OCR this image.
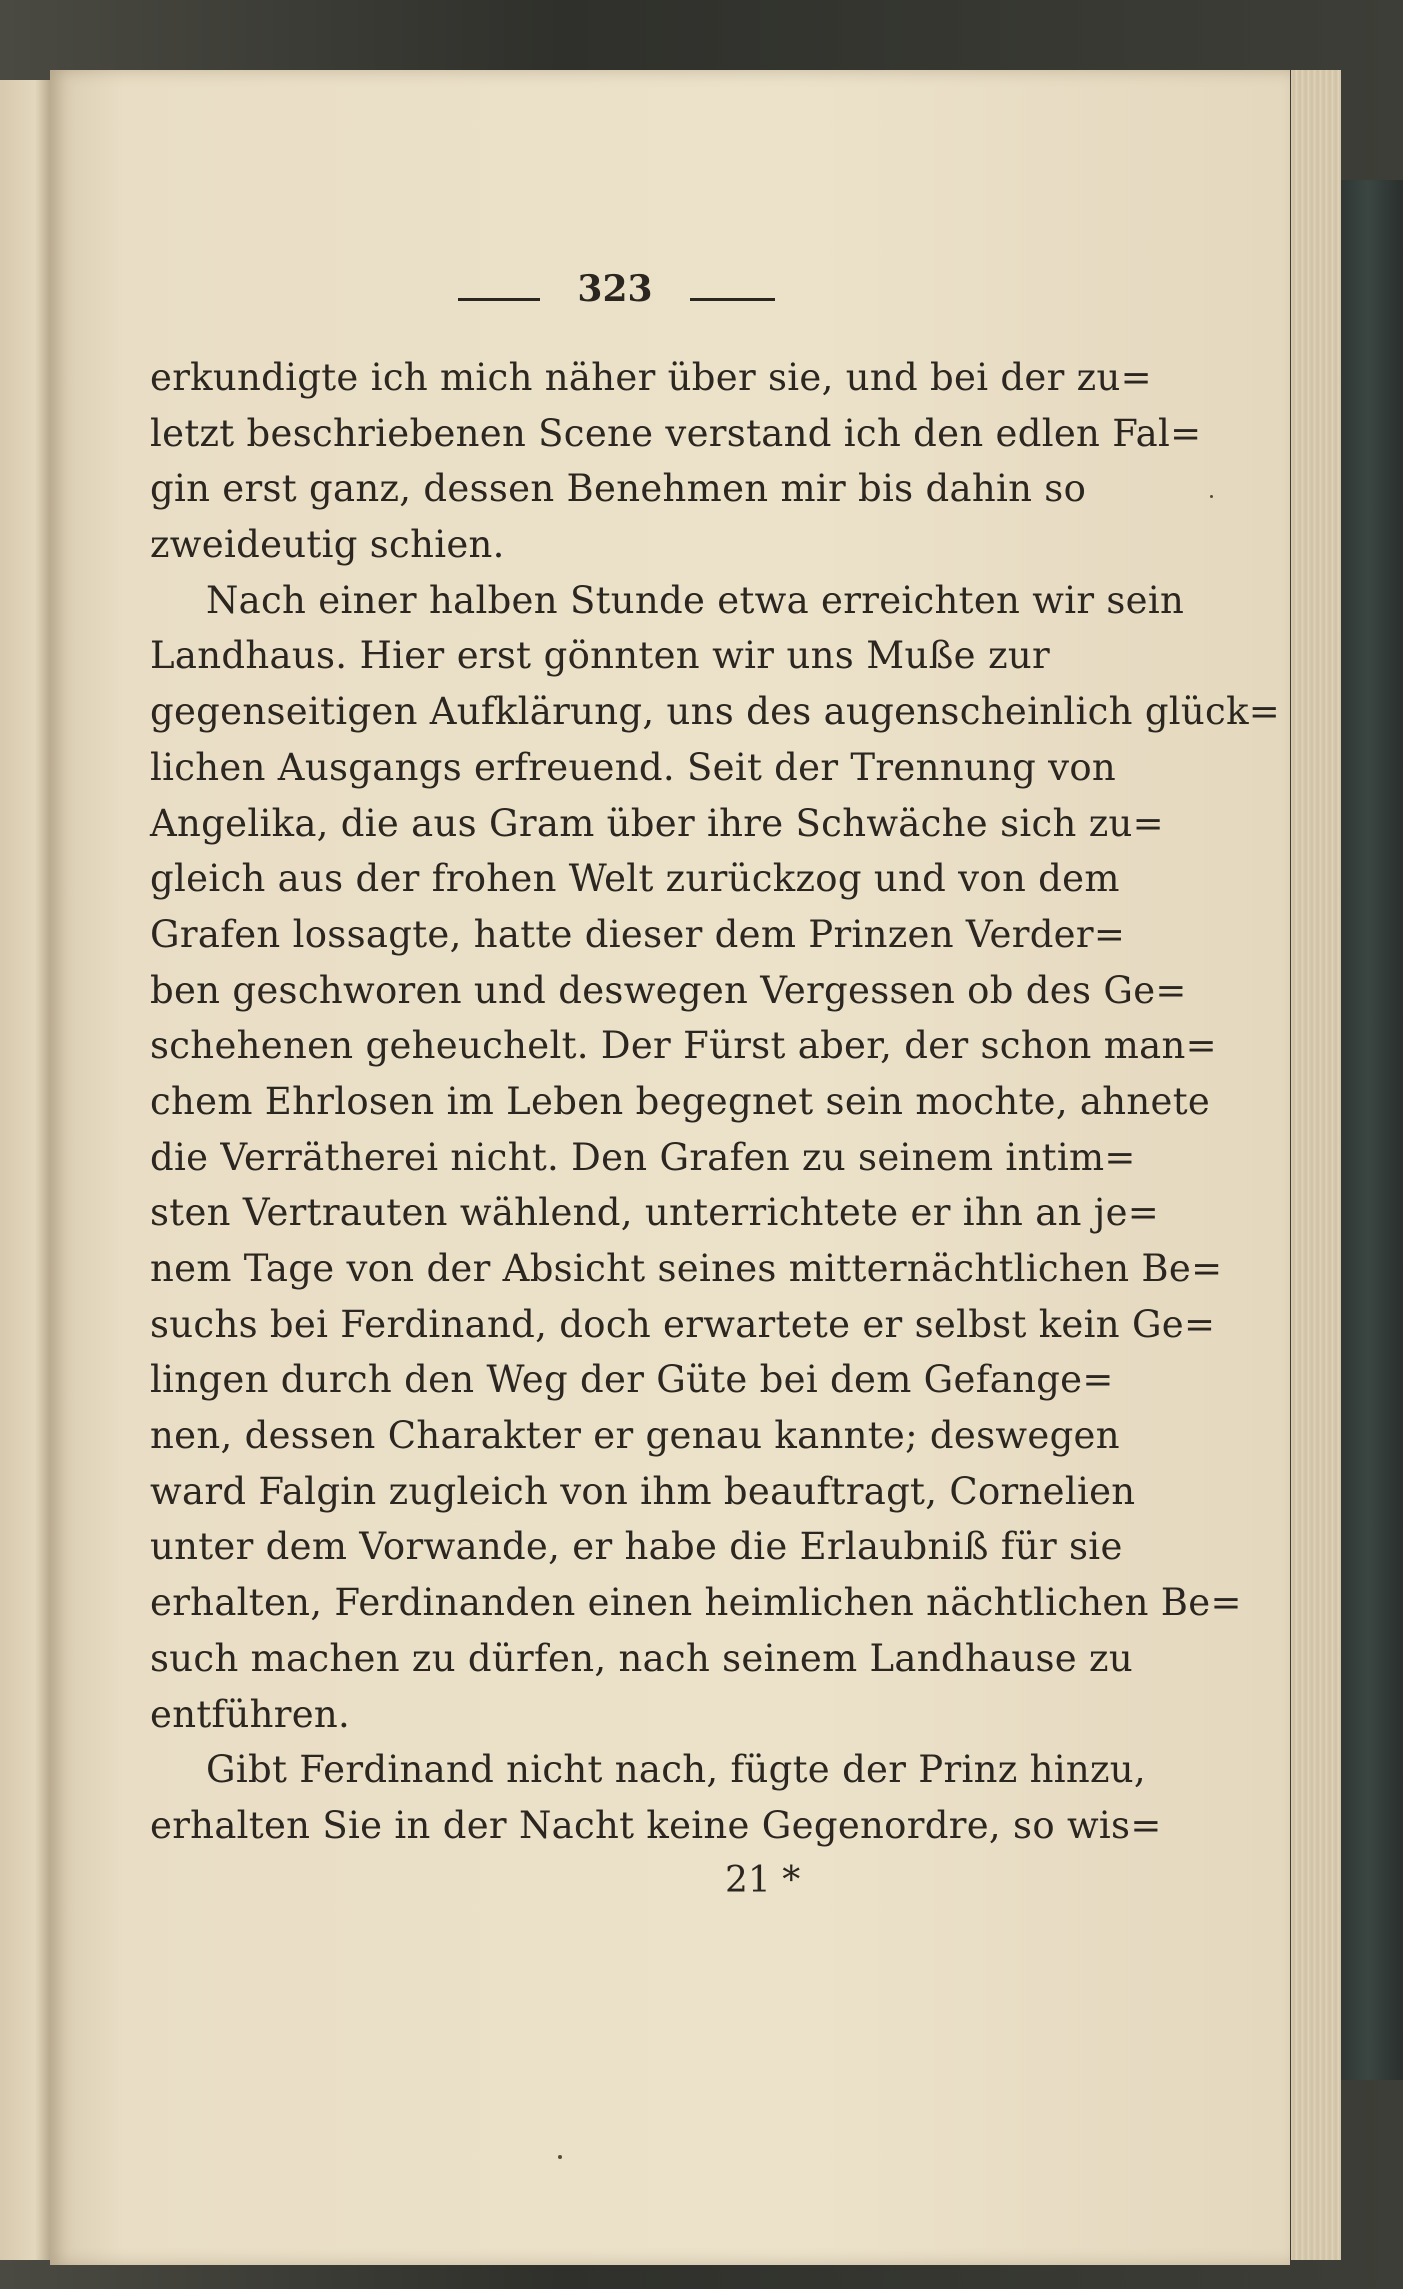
323
erkundigte ich mich näher über sie, und bei der zu=
letzt beschriebenen Scene verstand ich den edlen Fal=
gin erst ganz, dessen Benehmen mir bis dahin so
zweideutig schien.
Nach einer halben Stunde etwa erreichten wir sein
Landhaus. Hier erst gönnten wir uns Muße zur
gegenseitigen Aufklärung, uns des augenscheinlich glück=
lichen Ausgangs erfreuend. Seit der Trennung von
Angelika, die aus Gram über ihre Schwäche sich zu=
gleich aus der frohen Welt zurückzog und von dem
Grafen lossagte, hatte dieser dem Prinzen Verder=
ben geschworen und deswegen Vergessen ob des Ge=
schehenen geheuchelt. Der Fürst aber, der schon man=
chem Ehrlosen im Leben begegnet sein mochte, ahnete
die Verrätherei nicht. Den Grafen zu seinem intim=
sten Vertrauten wählend, unterrichtete er ihn an je=
nem Tage von der Absicht seines mitternächtlichen Be=
suchs bei Ferdinand, doch erwartete er selbst kein Ge=
lingen durch den Weg der Güte bei dem Gefange=
nen, dessen Charakter er genau kannte; deswegen
ward Falgin zugleich von ihm beauftragt, Cornelien
unter dem Vorwande, er habe die Erlaubniß für sie
erhalten, Ferdinanden einen heimlichen nächtlichen Be=
such machen zu dürfen, nach seinem Landhause zu
entführen.
Gibt Ferdinand nicht nach, fügte der Prinz hinzu,
erhalten Sie in der Nacht keine Gegenordre, so wis=
21 *
